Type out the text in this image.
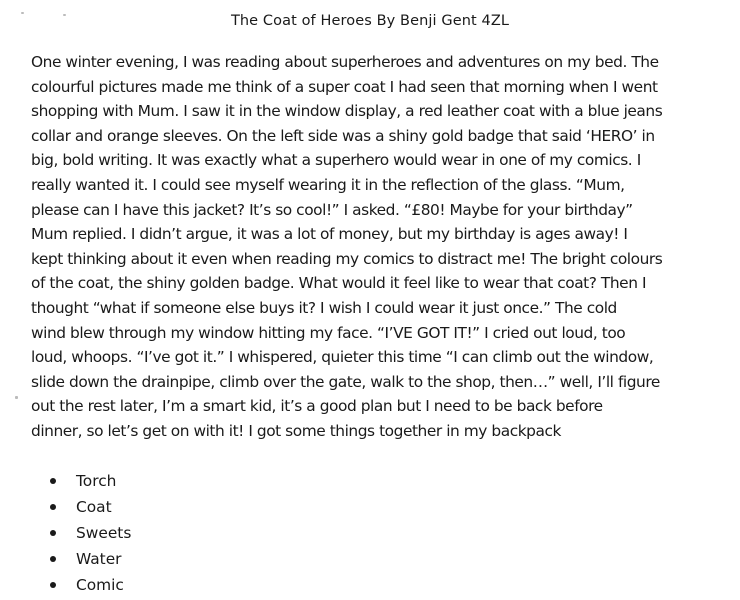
The Coat of Heroes By Benji Gent 4ZL
One winter evening, I was reading about superheroes and adventures on my bed. The
colourful pictures made me think of a super coat I had seen that morning when I went
shopping with Mum. I saw it in the window display, a red leather coat with a blue jeans
collar and orange sleeves. On the left side was a shiny gold badge that said ‘HERO’ in
big, bold writing. It was exactly what a superhero would wear in one of my comics. I
really wanted it. I could see myself wearing it in the reflection of the glass. “Mum,
please can I have this jacket? It’s so cool!” I asked. “£80! Maybe for your birthday”
Mum replied. I didn’t argue, it was a lot of money, but my birthday is ages away! I
kept thinking about it even when reading my comics to distract me! The bright colours
of the coat, the shiny golden badge. What would it feel like to wear that coat? Then I
thought “what if someone else buys it? I wish I could wear it just once.” The cold
wind blew through my window hitting my face. “I’VE GOT IT!” I cried out loud, too
loud, whoops. “I’ve got it.” I whispered, quieter this time “I can climb out the window,
slide down the drainpipe, climb over the gate, walk to the shop, then…” well, I’ll figure
out the rest later, I’m a smart kid, it’s a good plan but I need to be back before
dinner, so let’s get on with it! I got some things together in my backpack
Torch
Coat
Sweets
Water
Comic
